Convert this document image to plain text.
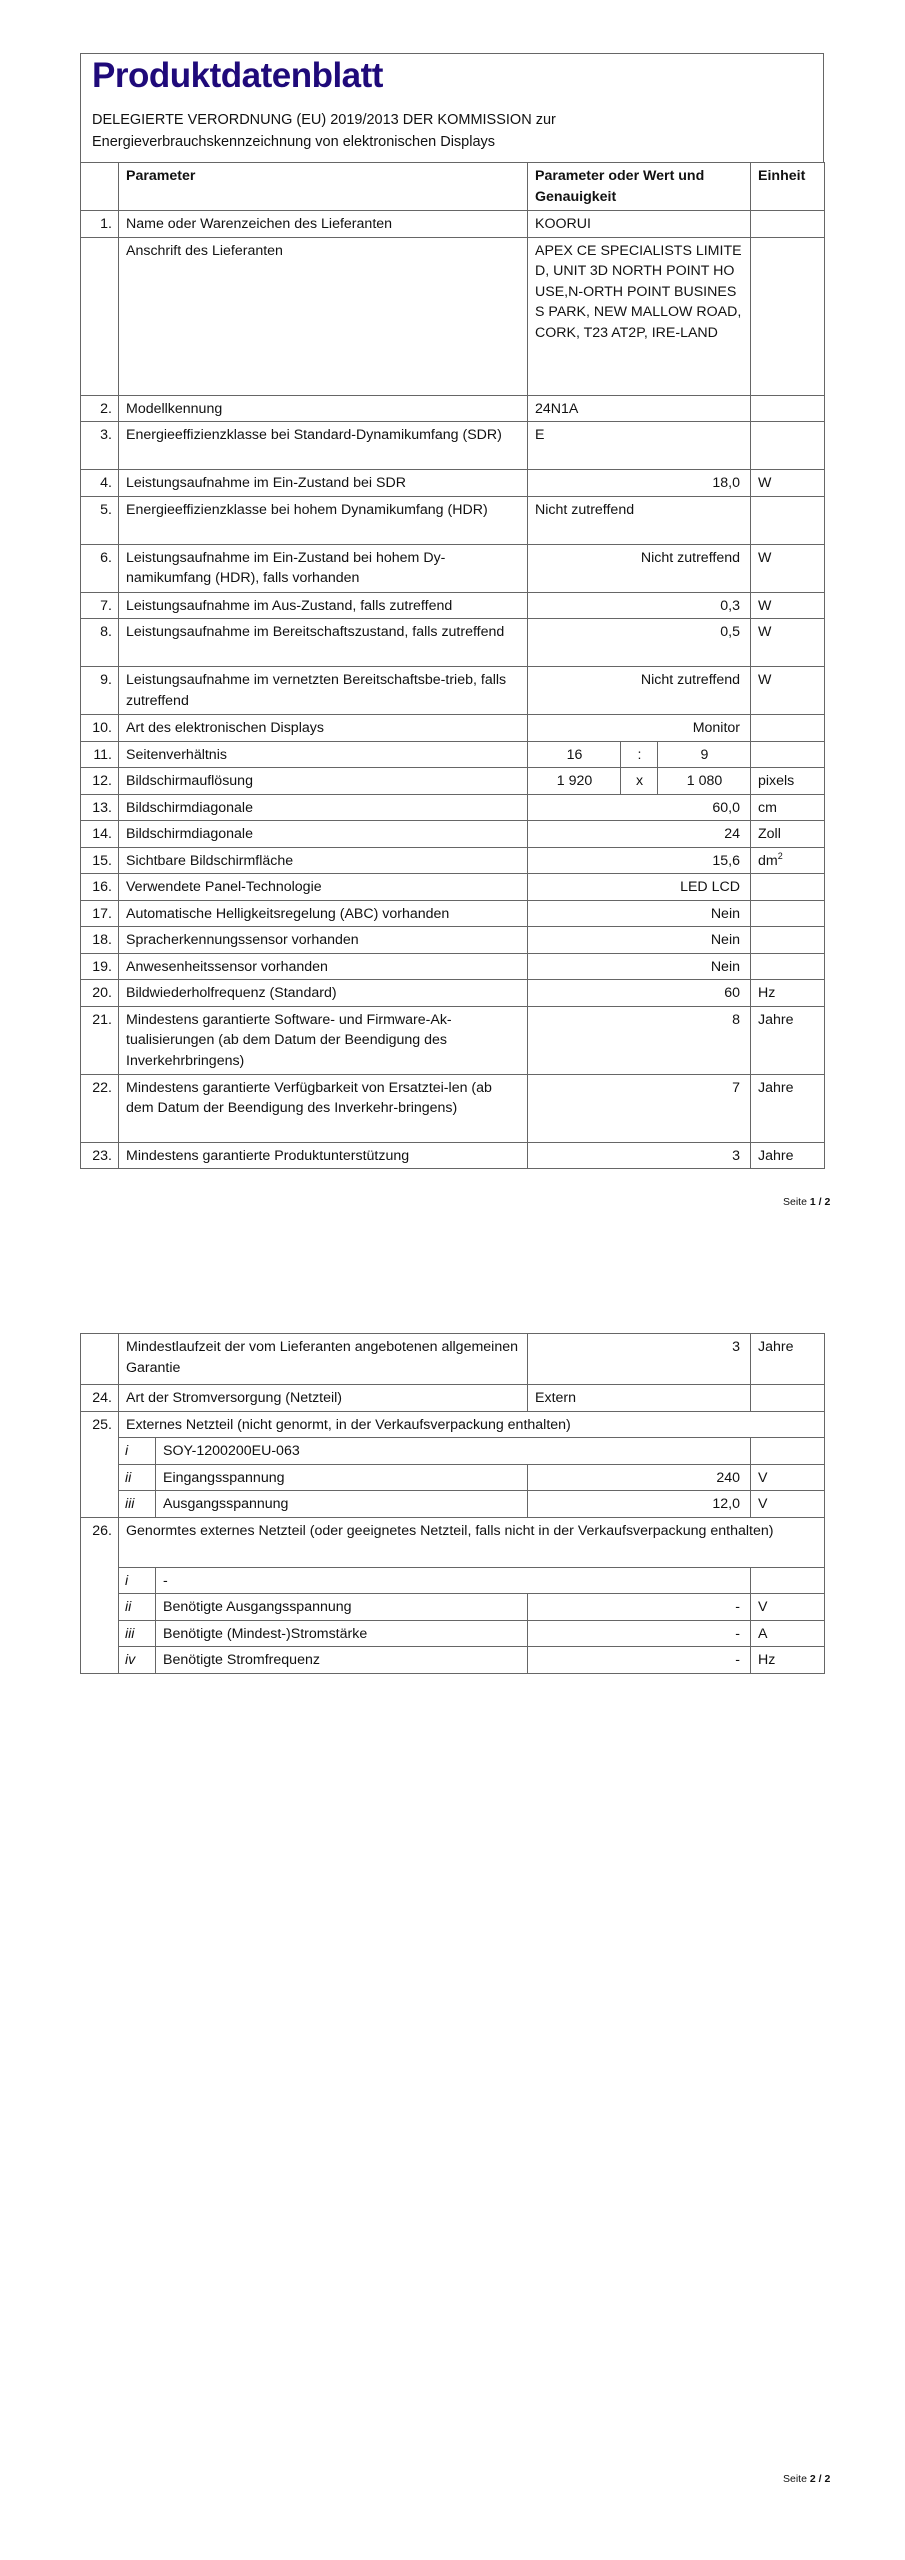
Produktdatenblatt
DELEGIERTE VERORDNUNG (EU) 2019/2013 DER KOMMISSION zur
Energieverbrauchskennzeichnung von elektronischen Displays
	Parameter	Parameter oder Wert und Genauigkeit			Einheit
1.	Name oder Warenzeichen des Lieferanten	KOORUI			
	Anschrift des Lieferanten	APEX CE SPECIALISTS LIMITED, UNIT 3D NORTH POINT HOUSE,N-ORTH POINT BUSINESS PARK, NEW MALLOW ROAD,CORK, T23 AT2P, IRE-LAND			
2.	Modellkennung	24N1A			
3.	Energieeffizienzklasse bei Standard-Dynamikumfang (SDR)	E			
4.	Leistungsaufnahme im Ein-Zustand bei SDR	18,0			W
5.	Energieeffizienzklasse bei hohem Dynamikumfang (HDR)	Nicht zutreffend			
6.	Leistungsaufnahme im Ein-Zustand bei hohem Dy-namikumfang (HDR), falls vorhanden	Nicht zutreffend			W
7.	Leistungsaufnahme im Aus-Zustand, falls zutreffend	0,3			W
8.	Leistungsaufnahme im Bereitschaftszustand, falls zutreffend	0,5			W
9.	Leistungsaufnahme im vernetzten Bereitschaftsbe-trieb, falls zutreffend	Nicht zutreffend			W
10.	Art des elektronischen Displays	Monitor			
11.	Seitenverhältnis	16	:	9	
12.	Bildschirmauflösung	1 920	x	1 080	pixels
13.	Bildschirmdiagonale	60,0			cm
14.	Bildschirmdiagonale	24			Zoll
15.	Sichtbare Bildschirmfläche	15,6			$dm^2$
16.	Verwendete Panel-Technologie	LED LCD			
17.	Automatische Helligkeitsregelung (ABC) vorhanden	Nein			
18.	Spracherkennungssensor vorhanden	Nein			
19.	Anwesenheitssensor vorhanden	Nein			
20.	Bildwiederholfrequenz (Standard)	60			Hz
21.	Mindestens garantierte Software- und Firmware-Ak-tualisierungen (ab dem Datum der Beendigung des Inverkehrbringens)	8			Jahre
22.	Mindestens garantierte Verfügbarkeit von Ersatztei-len (ab dem Datum der Beendigung des Inverkehr-bringens)	7			Jahre
23.	Mindestens garantierte Produktunterstützung	3			Jahre
Seite 1 / 2
	Mindestlaufzeit der vom Lieferanten angebotenen allgemeinen Garantie		3	Jahre
24.	Art der Stromversorgung (Netzteil)		Extern	
25.	Externes Netzteil (nicht genormt, in der Verkaufsverpackung enthalten)			
	i	SOY-1200200EU-063		
	ii	Eingangsspannung	240	V
	iii	Ausgangsspannung	12,0	V
26.	Genormtes externes Netzteil (oder geeignetes Netzteil, falls nicht in der Verkaufsverpackung enthalten)			
	i	-		
	ii	Benötigte Ausgangsspannung	-	V
	iii	Benötigte (Mindest-)Stromstärke	-	A
	iv	Benötigte Stromfrequenz	-	Hz
Seite 2 / 2
